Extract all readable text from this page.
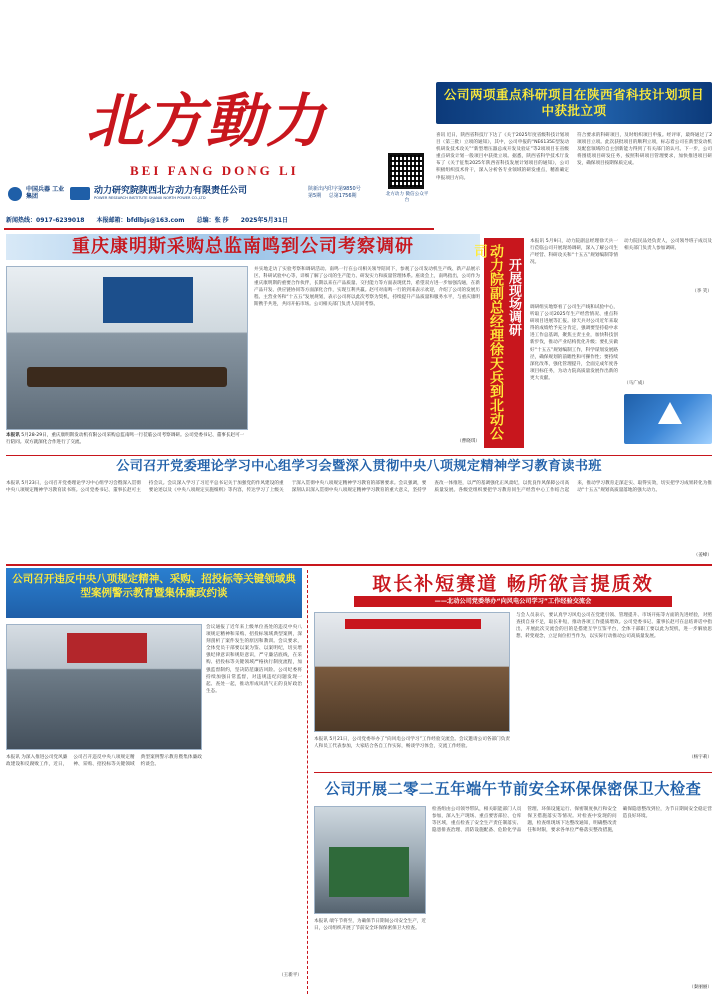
北方動力
BEI FANG DONG LI
中国兵器 工业集团
动力研究院陕西北方动力有限责任公司
POWER RESEARCH INSTITUTE SHANXI NORTH POWER CO.,LTD
陕新出内印字第9850号
第5期 总第1756期	北方动力 微信公众平台
新闻热线：0917-6239018 本报邮箱：bfdlbjs@163.com 总编：张 莎 2025年5月31日
公司两项重点科研项目在陕西省科技计划项目中获批立项
喜讯 近日，陕西省科技厅下达了《关于2025年度省级科技计划项目（第三批）立项的通知》，其中，公司申报的“NE6135E型发动机研发技术攻关”“新型增压器总成开发及验证”等2项项目在省级重点研发计划一般项目中获批立项。据悉，陕西省科学技术厅发布了《关于征集2025年陕西省科技发展计划项目的通知》，公司积极组织技术骨干，深入分析各专业领域的研发重点，精准确定申报项目方向。
符合要求的科研项目，及时组织项目申报。经评审，最终通过了2项项目立项。此次获批项目的顺利立项，标志着公司在新型发动机及配套领域的自主创新能力得到了有关部门的认可。下一步，公司将围绕项目研发任务，按照科研项目管理要求，加快推进项目研发，确保项目按期保质完成。
（李 笑）
重庆康明斯采购总监南鸣到公司考察调研
本报讯 5月28-29日，重庆康明斯发动机有限公司采购总监南鸣一行莅临公司考察调研。公司党委书记、董事长赵可一行陪同。双方就深化合作进行了交流。
并实地走访了实验考察和调研活动。南鸣一行在公司相关领导陪同下，参观了公司发动机生产线、新产品展示区、科研试验中心等，详细了解了公司的生产能力、研发实力和质量管理体系。座谈会上，南鸣指出，公司作为重庆康明斯的重要合作伙伴，长期以来在产品质量、交付能力等方面表现优异，希望双方进一步加强沟通，在新产品开发、供应链协同等方面深化合作，实现互利共赢。赵可对南鸣一行的到来表示欢迎，介绍了公司的发展历程、主营业务和“十五五”发展规划，表示公司将以此次考察为契机，持续提升产品质量和服务水平，与重庆康明斯携手共进，共同开拓市场。公司相关部门负责人陪同考察。
（曹晓琪）
动力院副总经理徐天兵到北动公司
开展现场调研
本报讯 5月9日，动力院副总经理徐天兵一行莅临公司开展现场调研，深入了解公司生产经营、科研攻关和“十五五”规划编制等情况。
调研组实地察看了公司生产线和试验中心，听取了公司2025年生产经营情况、重点科研项目进展等汇报。徐天兵对公司近年来取得的成绩给予充分肯定，强调要坚持稳中求进工作总基调，聚焦主责主业，加快科技创新步伐，推动产业结构优化升级；要扎实做好“十五五”规划编制工作，科学谋划发展路径，确保规划的前瞻性和可操作性；要持续深化改革，强化管理提升，全面完成年度各项目标任务，为动力院高质量发展作出新的更大贡献。
动力院民品处负责人，公司领导班子成员及相关部门负责人参加调研。
（马广成）
公司召开党委理论学习中心组学习会暨深入贯彻中央八项规定精神学习教育读书班
本报讯 5月23日，公司召开党委理论学习中心组学习会暨深入贯彻中央八项规定精神学习教育读书班。公司党委书记、董事长赵可主持会议。会议深入学习了习近平总书记关于加强党的作风建设的重要论述以及《中央八项规定实施细则》等内容，传达学习了上级关于深入贯彻中央八项规定精神学习教育的部署要求。会议强调，要深刻认识深入贯彻中央八项规定精神学习教育的重大意义，坚持学查改一体推进，以严的基调强化正风肃纪，以优良作风保障公司高质量发展。各级党组织要把学习教育同生产经营中心工作结合起来，推动学习教育走深走实、取得实效，切实把学习成果转化为推动“十五五”规划高质量落地的强大动力。
（姜峰）
公司召开违反中央八项规定精神、采购、招投标等关键领域典型案例警示教育暨集体廉政约谈
会议通报了近年来上级单位查处的违反中央八项规定精神和采购、招投标领域典型案例，深刻剖析了案件发生的原因和教训。会议要求，全体党员干部要以案为鉴、以案明纪，切实增强纪律意识和规矩意识，严守廉洁底线，在采购、招投标等关键领域严格执行制度流程，加强监督制约，坚决防范廉洁风险。公司纪委将持续加强日常监督，对违规违纪问题发现一起、查处一起，推动形成风清气正的良好政治生态。
本报讯 为深入推进公司党风廉政建设和反腐败工作，近日，公司召开违反中央八项规定精神、采购、招投标等关键领域典型案例警示教育暨集体廉政约谈会。
（王新平）
取长补短赛道 畅所欲言提质效
——北动公司党委举办“向风电公司学习”工作经验交流会
本报讯 5月21日，公司党委举办了“向风电公司学习”工作经验交流会。会议邀请公司各部门负责人和员工代表参加，大家结合各自工作实际，畅谈学习体会，交流工作经验。
与会人员表示，要认真学习风电公司在党建引领、管理提升、市场开拓等方面的先进经验，对照查找自身不足，取长补短，推动各项工作提质增效。公司党委书记、董事长赵可在总结讲话中指出，开展此次交流会的目的是搭建互学互鉴平台，全体干部职工要以此为契机，进一步解放思想、转变观念，立足岗位担当作为，以实际行动推动公司高质量发展。
（杨宇莉）
公司开展二零二五年端午节前安全环保保密保卫大检查
本报讯 端午节将至，为确保节日期间公司安全生产，近日，公司组织开展了节前安全环保保密保卫大检查。
检查组由公司领导带队，相关职能部门人员参加，深入生产现场、重点要害部位、仓库等区域，重点检查了安全生产责任制落实、隐患排查治理、消防设施配备、危险化学品管理、环保设施运行、保密制度执行和安全保卫措施落实等情况。对检查中发现的问题，检查组现场下达整改通知，明确整改责任和时限，要求各单位严格落实整改措施，确保隐患整改到位，为节日期间安全稳定营造良好环境。
（秦丽丽）
